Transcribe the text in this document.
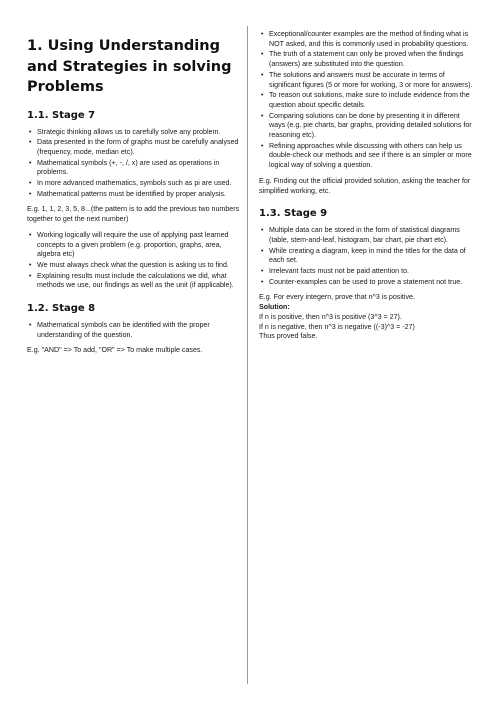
1. Using Understanding and Strategies in solving Problems
1.1. Stage 7
• Strategic thinking allows us to carefully solve any problem.
• Data presented in the form of graphs must be carefully analysed (frequency, mode, median etc).
• Mathematical symbols (+, -, /, x) are used as operations in problems.
• In more advanced mathematics, symbols such as pi are used.
• Mathematical patterns must be identified by proper analysis.

E.g. 1, 1, 2, 3, 5, 8...(the pattern is to add the previous two numbers together to get the next number)

• Working logically will require the use of applying past learned concepts to a given problem (e.g. proportion, graphs, area, algebra etc)
• We must always check what the question is asking us to find.
• Explaining results must include the calculations we did, what methods we use, our findings as well as the unit (if applicable).
1.2. Stage 8
• Mathematical symbols can be identified with the proper understanding of the question.

E.g. "AND" => To add, "OR" => To make multiple cases.

• Exceptional/counter examples are the method of finding what is NOT asked, and this is commonly used in probability questions.
• The truth of a statement can only be proved when the findings (answers) are substituted into the question.
• The solutions and answers must be accurate in terms of significant figures (5 or more for working, 3 or more for answers).
• To reason out solutions, make sure to include evidence from the question about specific details.
• Comparing solutions can be done by presenting it in different ways (e.g. pie charts, bar graphs, providing detailed solutions for reasoning etc).
• Refining approaches while discussing with others can help us double-check our methods and see if there is an simpler or more logical way of solving a question.

E.g. Finding out the official provided solution, asking the teacher for simplified working, etc.

1.3. Stage 9
• Multiple data can be stored in the form of statistical diagrams (table, stem-and-leaf, histogram, bar chart, pie chart etc).
• While creating a diagram, keep in mind the titles for the data of each set.
• Irrelevant facts must not be paid attention to.
• Counter-examples can be used to prove a statement not true.

E.g. For every integern, prove that n^3 is positive.

Solution:

If n is positive, then n^3 is positive (3^3 = 27).

If n is negative, then n^3 is negative ((-3)^3 = -27)

Thus proved false.
